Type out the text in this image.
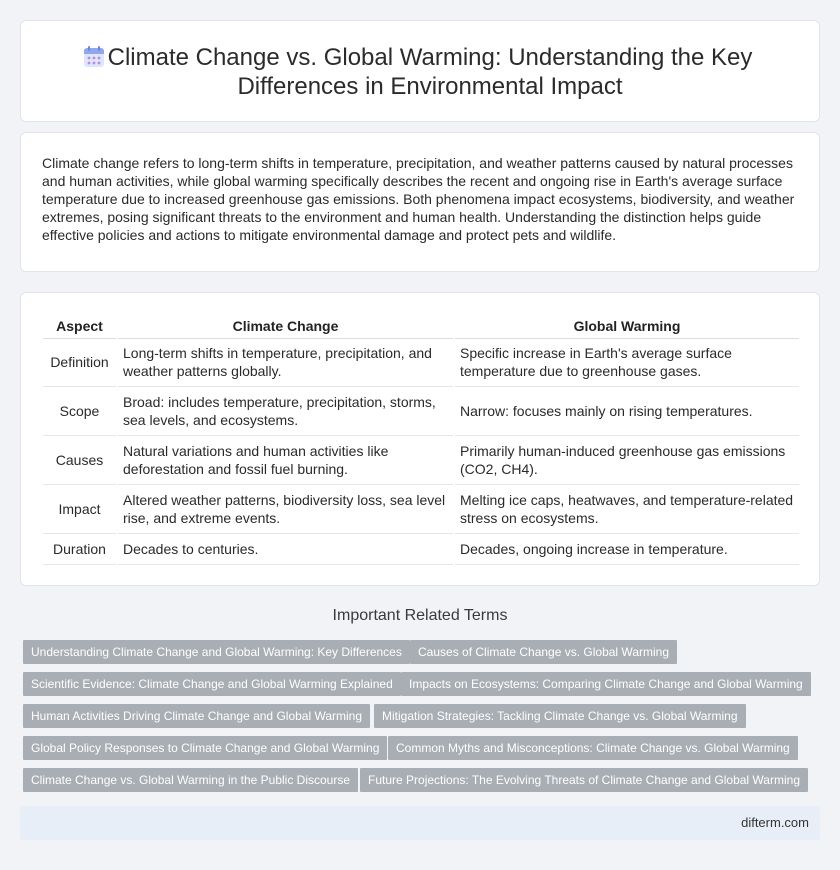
Climate Change vs. Global Warming: Understanding the Key Differences in Environmental Impact

Climate change refers to long-term shifts in temperature, precipitation, and weather patterns caused by natural processes and human activities, while global warming specifically describes the recent and ongoing rise in Earth's average surface temperature due to increased greenhouse gas emissions. Both phenomena impact ecosystems, biodiversity, and weather extremes, posing significant threats to the environment and human health. Understanding the distinction helps guide effective policies and actions to mitigate environmental damage and protect pets and wildlife.

Aspect	Climate Change	Global Warming
Definition	Long-term shifts in temperature, precipitation, and weather patterns globally.	Specific increase in Earth's average surface temperature due to greenhouse gases.
Scope	Broad: includes temperature, precipitation, storms, sea levels, and ecosystems.	Narrow: focuses mainly on rising temperatures.
Causes	Natural variations and human activities like deforestation and fossil fuel burning.	Primarily human-induced greenhouse gas emissions (CO2, CH4).
Impact	Altered weather patterns, biodiversity loss, sea level rise, and extreme events.	Melting ice caps, heatwaves, and temperature-related stress on ecosystems.
Duration	Decades to centuries.	Decades, ongoing increase in temperature.
Important Related Terms
Understanding Climate Change and Global Warming: Key Differences	Causes of Climate Change vs. Global Warming
Scientific Evidence: Climate Change and Global Warming Explained	Impacts on Ecosystems: Comparing Climate Change and Global Warming
Human Activities Driving Climate Change and Global Warming	Mitigation Strategies: Tackling Climate Change vs. Global Warming
Global Policy Responses to Climate Change and Global Warming	Common Myths and Misconceptions: Climate Change vs. Global Warming
Climate Change vs. Global Warming in the Public Discourse	Future Projections: The Evolving Threats of Climate Change and Global Warming
difterm.com
